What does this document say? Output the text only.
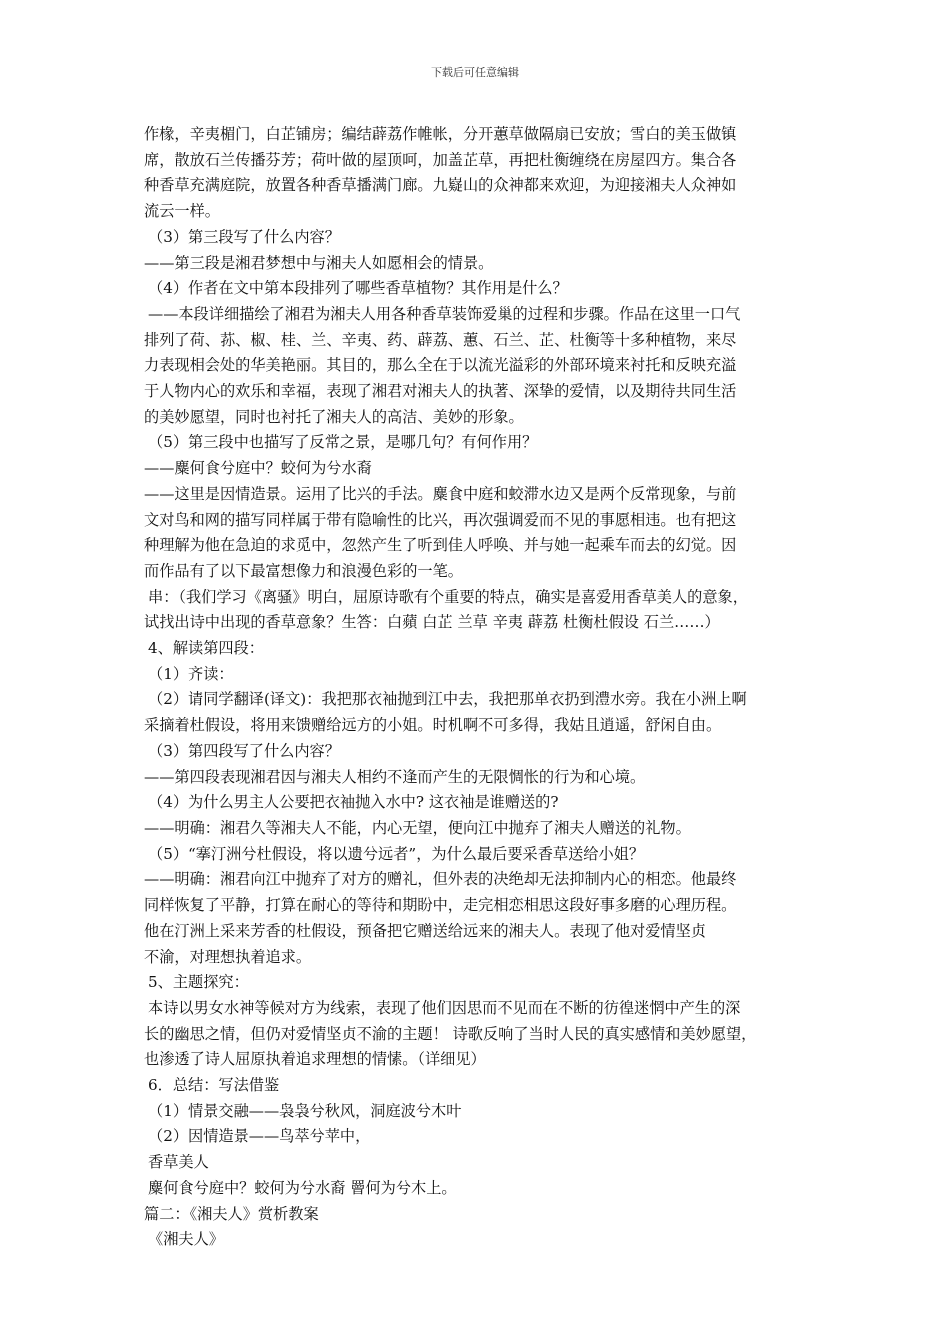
下载后可任意编辑

作椽，辛夷楣门，白芷铺房；编结薜荔作帷帐，分开蕙草做隔扇已安放；雪白的美玉做镇

席，散放石兰传播芬芳；荷叶做的屋顶呵，加盖芷草，再把杜衡缠绕在房屋四方。集合各

种香草充满庭院，放置各种香草播满门廊。九嶷山的众神都来欢迎，为迎接湘夫人众神如

流云一样。

（3）第三段写了什么内容？

——第三段是湘君梦想中与湘夫人如愿相会的情景。

（4）作者在文中第本段排列了哪些香草植物？其作用是什么？

——本段详细描绘了湘君为湘夫人用各种香草装饰爱巢的过程和步骤。作品在这里一口气

排列了荷、荪、椒、桂、兰、辛夷、药、薜荔、蕙、石兰、芷、杜衡等十多种植物，来尽

力表现相会处的华美艳丽。其目的，那么全在于以流光溢彩的外部环境来衬托和反映充溢

于人物内心的欢乐和幸福，表现了湘君对湘夫人的执著、深挚的爱情，以及期待共同生活

的美妙愿望，同时也衬托了湘夫人的高洁、美妙的形象。

（5）第三段中也描写了反常之景，是哪几句？有何作用？

——麋何食兮庭中？蛟何为兮水裔

——这里是因情造景。运用了比兴的手法。麋食中庭和蛟滞水边又是两个反常现象，与前

文对鸟和网的描写同样属于带有隐喻性的比兴，再次强调爱而不见的事愿相违。也有把这

种理解为他在急迫的求觅中，忽然产生了听到佳人呼唤、并与她一起乘车而去的幻觉。因

而作品有了以下最富想像力和浪漫色彩的一笔。

串：（我们学习《离骚》明白，屈原诗歌有个重要的特点，确实是喜爱用香草美人的意象，

试找出诗中出现的香草意象？生答：白蘋 白芷 兰草 辛夷 薜荔 杜衡杜假设 石兰……）

4、解读第四段：

（1）齐读：

（2）请同学翻译(译文)：我把那衣袖抛到江中去，我把那单衣扔到澧水旁。我在小洲上啊

采摘着杜假设，将用来馈赠给远方的小姐。时机啊不可多得，我姑且逍遥，舒闲自由。

（3）第四段写了什么内容？

——第四段表现湘君因与湘夫人相约不逢而产生的无限惆怅的行为和心境。

（4）为什么男主人公要把衣袖抛入水中? 这衣袖是谁赠送的?

——明确：湘君久等湘夫人不能，内心无望，便向江中抛弃了湘夫人赠送的礼物。

（5）“搴汀洲兮杜假设，将以遗兮远者”，为什么最后要采香草送给小姐？

——明确：湘君向江中抛弃了对方的赠礼，但外表的决绝却无法抑制内心的相恋。他最终

同样恢复了平静，打算在耐心的等待和期盼中，走完相恋相思这段好事多磨的心理历程。

他在汀洲上采来芳香的杜假设，预备把它赠送给远来的湘夫人。表现了他对爱情坚贞

不渝，对理想执着追求。

5、主题探究：

本诗以男女水神等候对方为线索，表现了他们因思而不见而在不断的彷徨迷惘中产生的深

长的幽思之情，但仍对爱情坚贞不渝的主题！ 诗歌反响了当时人民的真实感情和美妙愿望，

也渗透了诗人屈原执着追求理想的情愫。（详细见）

6．总结：写法借鉴

（1）情景交融——袅袅兮秋风，洞庭波兮木叶

（2）因情造景——鸟萃兮苹中，

香草美人

麋何食兮庭中？蛟何为兮水裔 罾何为兮木上。

篇二：《湘夫人》赏析教案

《湘夫人》
